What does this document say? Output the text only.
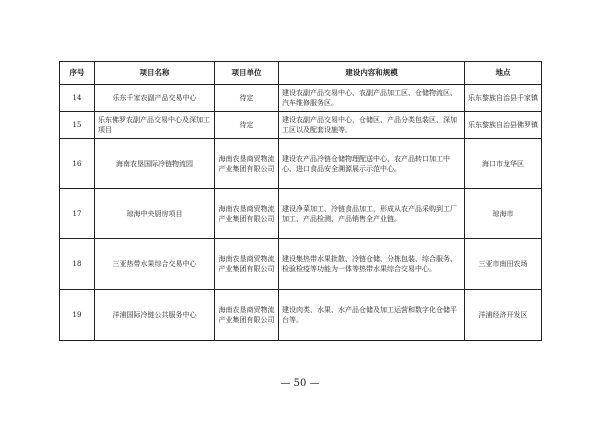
序号	项目名称	项目单位	建设内容和规模	地点
14	乐东千家农副产品交易中心	待定	建设农副产品交易中心、农副产品加工区、仓储物流区、汽车维修服务区。	乐东黎族自治县千家镇
15	乐东佛罗农副产品交易中心及深加工项目	待定	建设农副产品交易中心，仓储区、产品分类包装区、深加工区以及配套设施等。	乐东黎族自治县佛罗镇
16	海南农垦国际冷链物流园	海南农垦商贸物流产业集团有限公司	建设农产品冷链仓储物理配送中心、农产品转口加工中心、进口食品安全溯源展示示范中心。	海口市龙华区
17	琼海中央厨房项目	海南农垦商贸物流产业集团有限公司	建设净菜加工、冷链食品加工，形成从农产品采购到工厂加工、产品检测、产品销售全产业链。	琼海市
18	三亚热带水果综合交易中心	海南农垦商贸物流产业集团有限公司	建设集热带水果批散、冷链仓储、分拣包装、综合服务、检验检疫等功能为一体等热带水果综合交易中心。	三亚市南田农场
19	洋浦国际冷链公共服务中心	海南农垦商贸物流产业集团有限公司	建设肉类、水果、水产品仓储及加工运营和数字化仓储平台等。	洋浦经济开发区
— 50 —
